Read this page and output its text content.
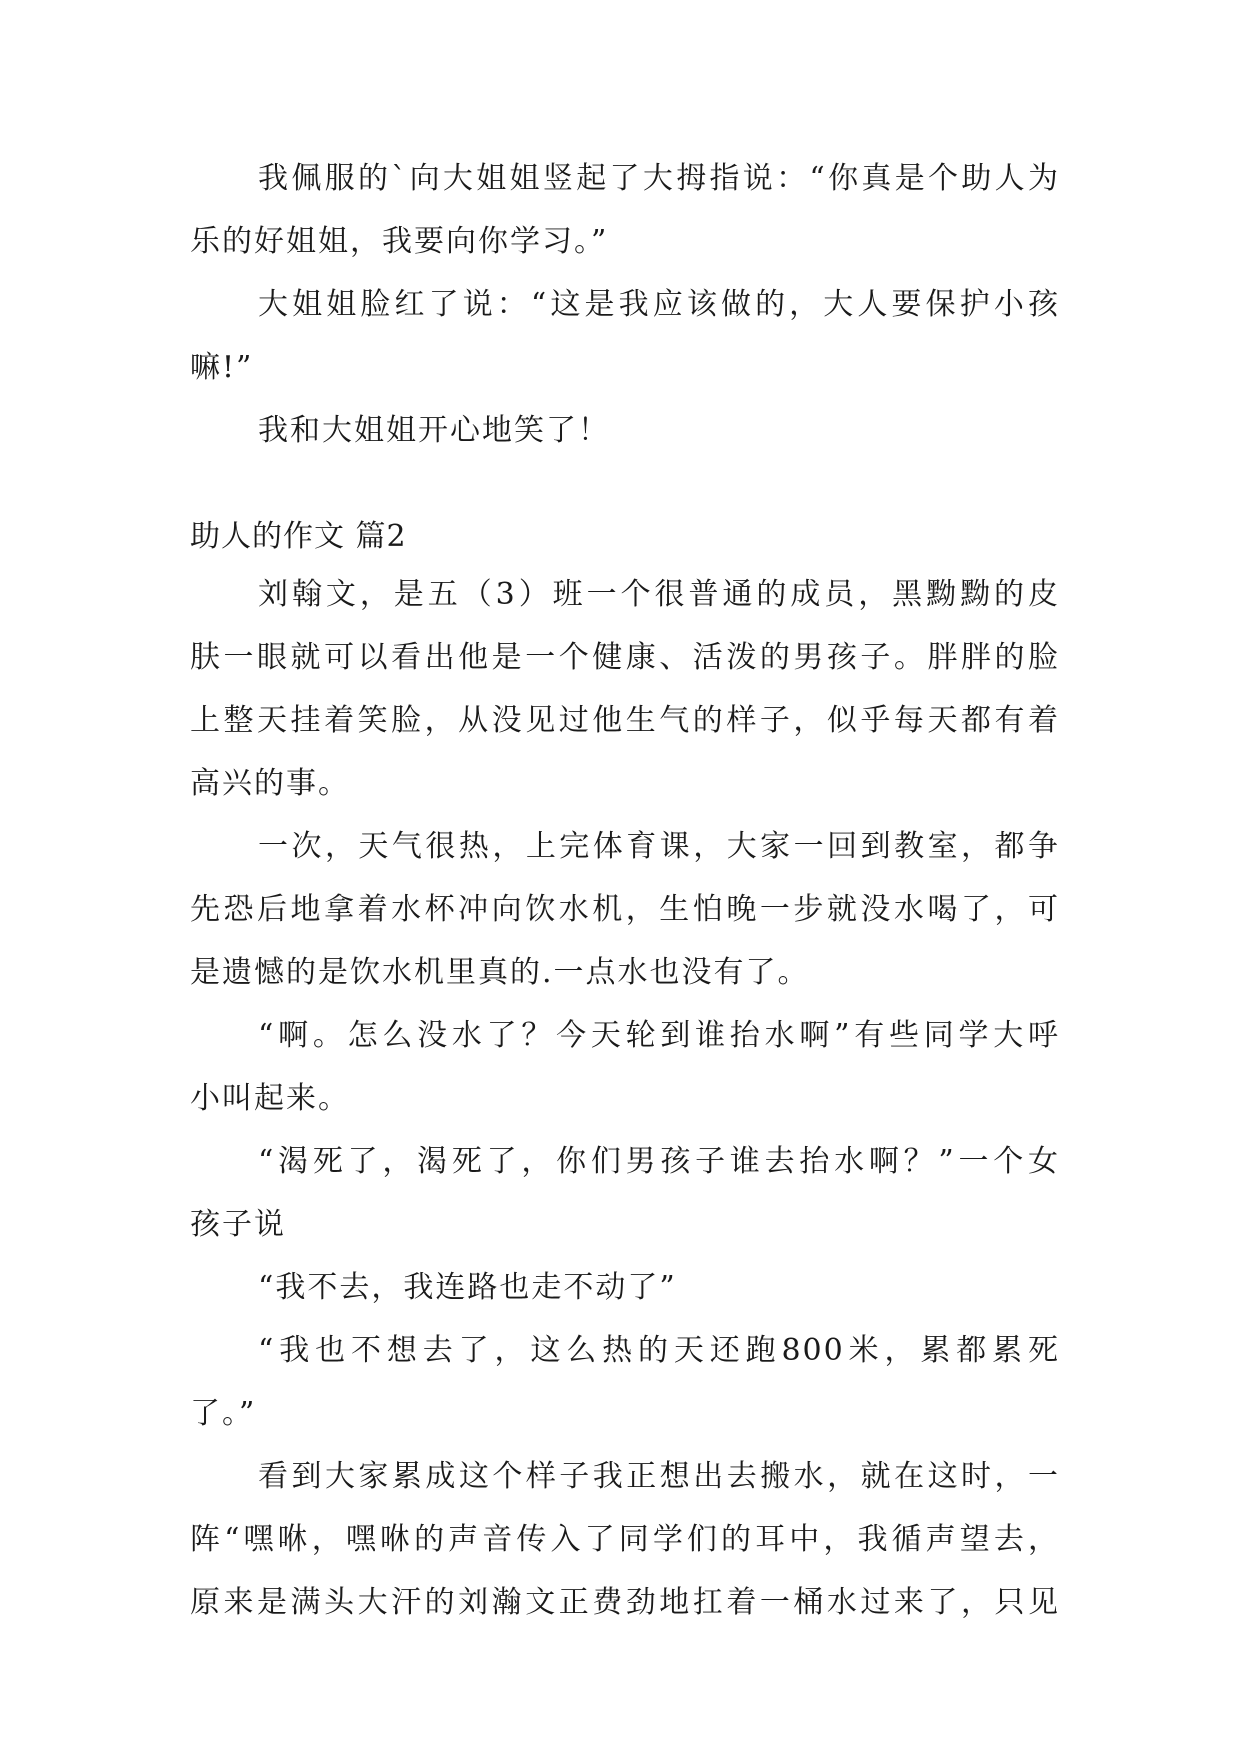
我佩服的`向大姐姐竖起了大拇指说：“你真是个助人为
乐的好姐姐，我要向你学习。”
大姐姐脸红了说：“这是我应该做的，大人要保护小孩
嘛!”
我和大姐姐开心地笑了！
助人的作文 篇2
刘翰文，是五（3）班一个很普通的成员，黑黝黝的皮
肤一眼就可以看出他是一个健康、活泼的男孩子。胖胖的脸
上整天挂着笑脸，从没见过他生气的样子，似乎每天都有着
高兴的事。
一次，天气很热，上完体育课，大家一回到教室，都争
先恐后地拿着水杯冲向饮水机，生怕晚一步就没水喝了，可
是遗憾的是饮水机里真的.一点水也没有了。
“啊。怎么没水了？今天轮到谁抬水啊”有些同学大呼
小叫起来。
“渴死了，渴死了，你们男孩子谁去抬水啊？”一个女
孩子说
“我不去，我连路也走不动了”
“我也不想去了，这么热的天还跑800米，累都累死
了。”
看到大家累成这个样子我正想出去搬水，就在这时，一
阵“嘿咻，嘿咻的声音传入了同学们的耳中，我循声望去，
原来是满头大汗的刘瀚文正费劲地扛着一桶水过来了，只见
